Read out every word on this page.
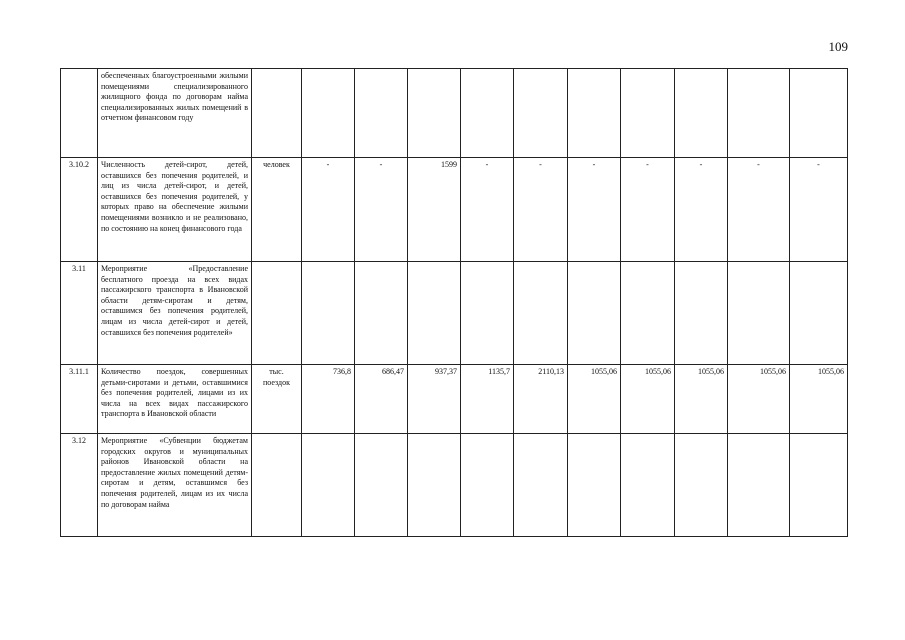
109
	обеспеченных благоустроенными жилыми помещениями специализированного жилищного фонда по договорам найма специализированных жилых помещений в отчетном финансовом году											
3.10.2	Численность детей-сирот, детей, оставшихся без попечения родителей, и лиц из числа детей-сирот, и детей, оставшихся без попечения родителей, у которых право на обеспечение жилыми помещениями возникло и не реализовано, по состоянию на конец финансового года	человек	-	-	1599	-	-	-	-	-	-	-
3.11	Мероприятие «Предоставление бесплатного проезда на всех видах пассажирского транспорта в Ивановской области детям-сиротам и детям, оставшимся без попечения родителей, лицам из числа детей-сирот и детей, оставшихся без попечения родителей»											
3.11.1	Количество поездок, совершенных детьми-сиротами и детьми, оставшимися без попечения родителей, лицами из их числа на всех видах пассажирского транспорта в Ивановской области	тыс. поездок	736,8	686,47	937,37	1135,7	2110,13	1055,06	1055,06	1055,06	1055,06	1055,06
3.12	Мероприятие «Субвенции бюджетам городских округов и муниципальных районов Ивановской области на предоставление жилых помещений детям-сиротам и детям, оставшимся без попечения родителей, лицам из их числа по договорам найма											
